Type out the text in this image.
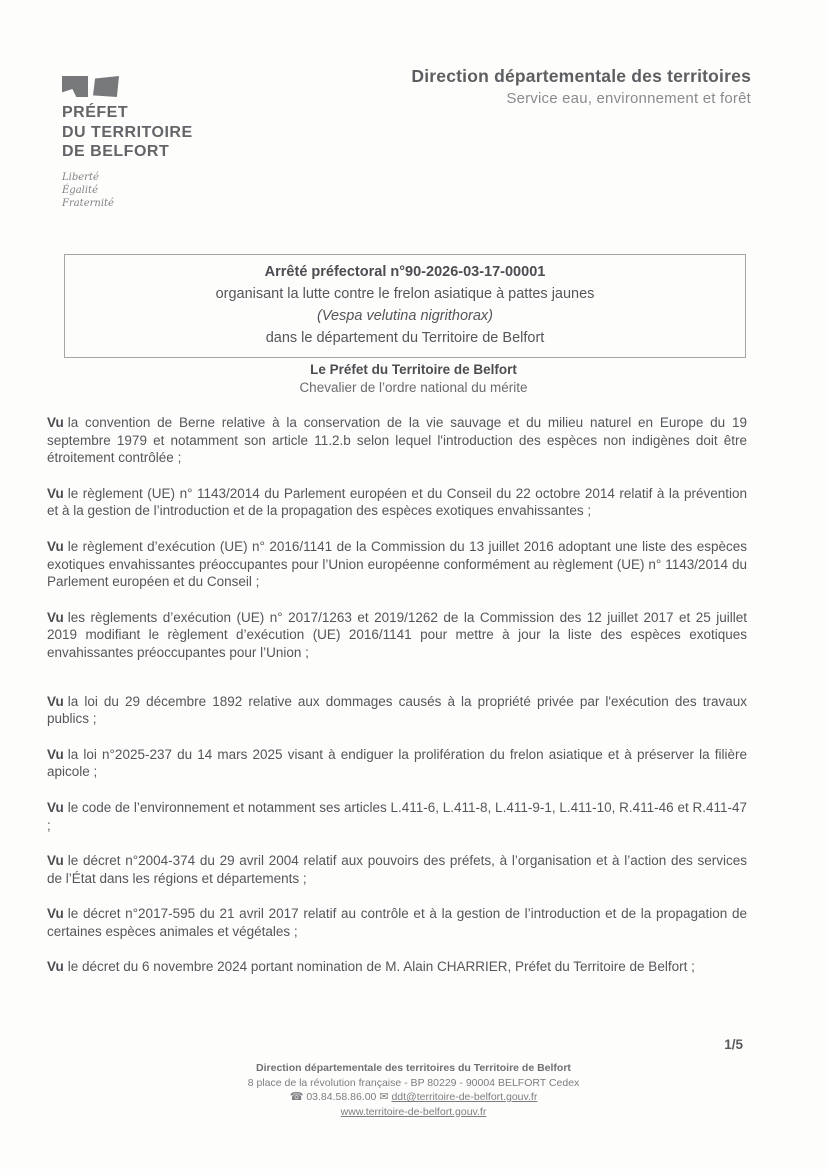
PRÉFET
DU TERRITOIRE
DE BELFORT
Liberté
Égalité
Fraternité
Direction départementale des territoires
Service eau, environnement et forêt
Arrêté préfectoral n°90-2026-03-17-00001
organisant la lutte contre le frelon asiatique à pattes jaunes
(Vespa velutina nigrithorax)
dans le département du Territoire de Belfort
Le Préfet du Territoire de Belfort
Chevalier de l’ordre national du mérite

Vu la convention de Berne relative à la conservation de la vie sauvage et du milieu naturel en Europe du 19 septembre 1979 et notamment son article 11.2.b selon lequel l'introduction des espèces non indigènes doit être étroitement contrôlée ;

Vu le règlement (UE) n° 1143/2014 du Parlement européen et du Conseil du 22 octobre 2014 relatif à la prévention et à la gestion de l’introduction et de la propagation des espèces exotiques envahissantes ;

Vu le règlement d’exécution (UE) n° 2016/1141 de la Commission du 13 juillet 2016 adoptant une liste des espèces exotiques envahissantes préoccupantes pour l’Union européenne conformément au règlement (UE) n° 1143/2014 du Parlement européen et du Conseil ;

Vu les règlements d’exécution (UE) n° 2017/1263 et 2019/1262 de la Commission des 12 juillet 2017 et 25 juillet 2019 modifiant le règlement d’exécution (UE) 2016/1141 pour mettre à jour la liste des espèces exotiques envahissantes préoccupantes pour l’Union ;

Vu la loi du 29 décembre 1892 relative aux dommages causés à la propriété privée par l'exécution des travaux publics ;

Vu la loi n°2025-237 du 14 mars 2025 visant à endiguer la prolifération du frelon asiatique et à préserver la filière apicole ;

Vu le code de l’environnement et notamment ses articles L.411-6, L.411-8, L.411-9-1, L.411-10, R.411-46 et R.411-47 ;

Vu le décret n°2004-374 du 29 avril 2004 relatif aux pouvoirs des préfets, à l’organisation et à l’action des services de l’État dans les régions et départements ;

Vu le décret n°2017-595 du 21 avril 2017 relatif au contrôle et à la gestion de l’introduction et de la propagation de certaines espèces animales et végétales ;

Vu le décret du 6 novembre 2024 portant nomination de M. Alain CHARRIER, Préfet du Territoire de Belfort ;

1/5
Direction départementale des territoires du Territoire de Belfort
8 place de la révolution française - BP 80229 - 90004 BELFORT Cedex
☎ 03.84.58.86.00 ✉ ddt@territoire-de-belfort.gouv.fr
www.territoire-de-belfort.gouv.fr
